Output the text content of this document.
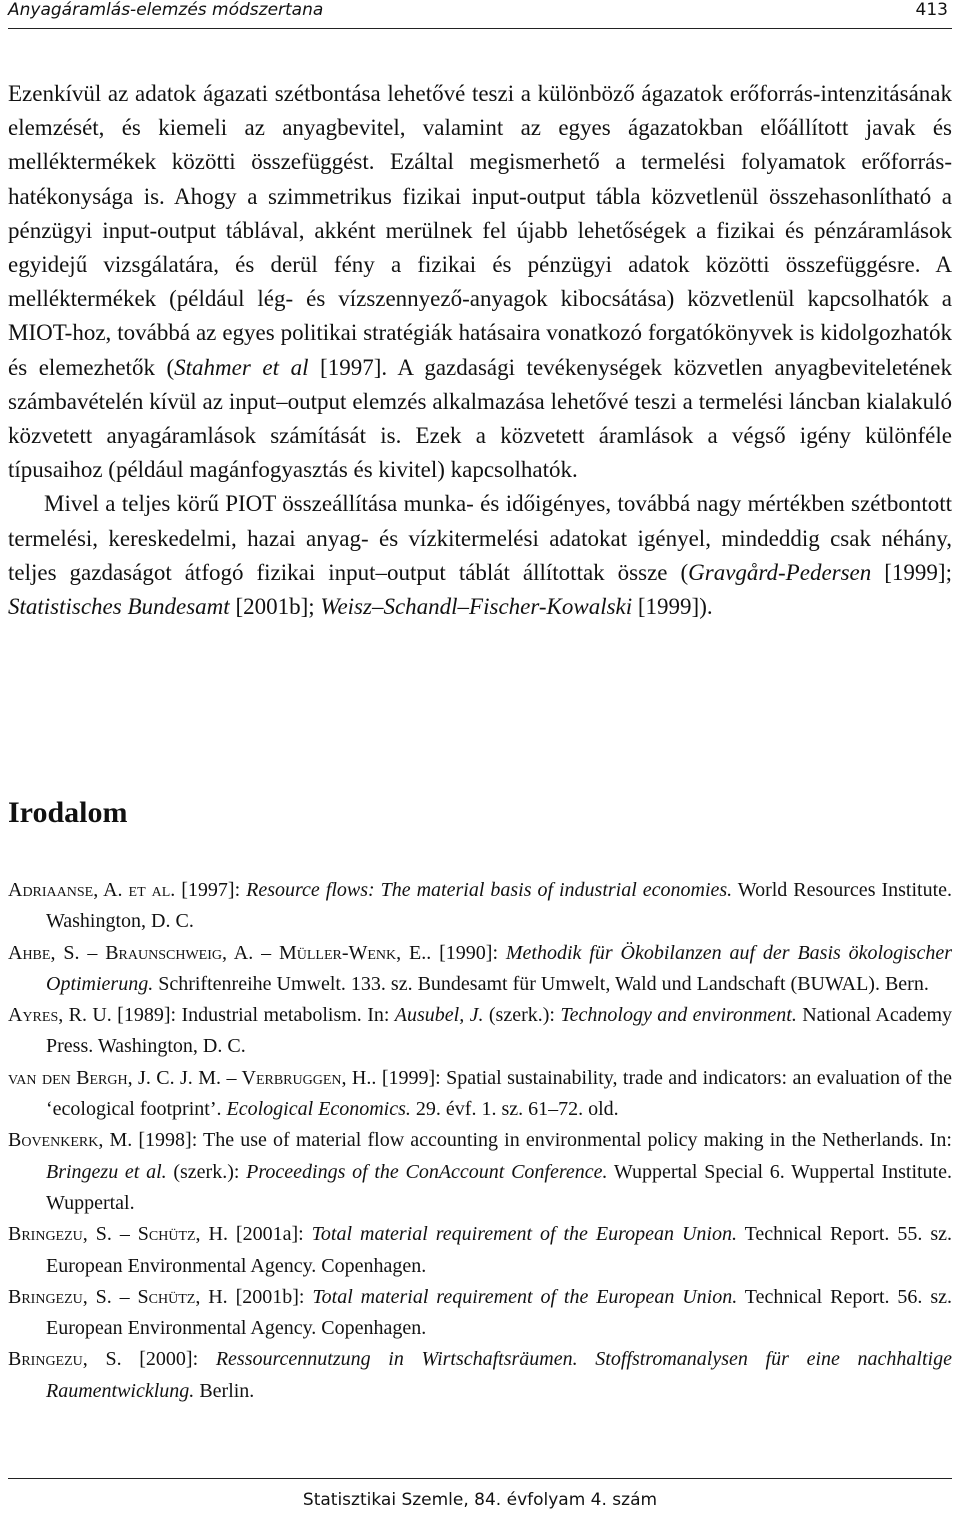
Anyagáramlás-elemzés módszertana	413

Ezenkívül az adatok ágazati szétbontása lehetővé teszi a különböző ágazatok erőforrás-intenzitásának elemzését, és kiemeli az anyagbevitel, valamint az egyes ágazatokban előállított javak és melléktermékek közötti összefüggést. Ezáltal megismerhető a termelési folyamatok erőforrás-hatékonysága is. Ahogy a szimmetrikus fizikai input-output tábla közvetlenül összehasonlítható a pénzügyi input-output táblával, akként merülnek fel újabb lehetőségek a fizikai és pénzáramlások egyidejű vizsgálatára, és derül fény a fizikai és pénzügyi adatok közötti összefüggésre. A melléktermékek (például lég- és vízszennyező-anyagok kibocsátása) közvetlenül kapcsolhatók a MIOT-hoz, továbbá az egyes politikai stratégiák hatásaira vonatkozó forgatókönyvek is kidolgozhatók és elemezhetők (Stahmer et al [1997]. A gazdasági tevékenységek közvetlen anyagbeviteletének számbavételén kívül az input–output elemzés alkalmazása lehetővé teszi a termelési láncban kialakuló közvetett anyagáramlások számítását is. Ezek a közvetett áramlások a végső igény különféle típusaihoz (például magánfogyasztás és kivitel) kapcsolhatók.

Mivel a teljes körű PIOT összeállítása munka- és időigényes, továbbá nagy mértékben szétbontott termelési, kereskedelmi, hazai anyag- és vízkitermelési adatokat igényel, mindeddig csak néhány, teljes gazdaságot átfogó fizikai input–output táblát állítottak össze (Gravgård-Pedersen [1999]; Statistisches Bundesamt [2001b]; Weisz–Schandl–Fischer-Kowalski [1999]).

Irodalom

Adriaanse, A. et al. [1997]: Resource flows: The material basis of industrial economies. World Resources Institute. Washington, D. C.

Ahbe, S. – Braunschweig, A. – Müller-Wenk, E.. [1990]: Methodik für Ökobilanzen auf der Basis ökologischer Optimierung. Schriftenreihe Umwelt. 133. sz. Bundesamt für Umwelt, Wald und Landschaft (BUWAL). Bern.

Ayres, R. U. [1989]: Industrial metabolism. In: Ausubel, J. (szerk.): Technology and environment. National Academy Press. Washington, D. C.

van den Bergh, J. C. J. M. – Verbruggen, H.. [1999]: Spatial sustainability, trade and indicators: an evaluation of the ‘ecological footprint’. Ecological Economics. 29. évf. 1. sz. 61–72. old.

Bovenkerk, M. [1998]: The use of material flow accounting in environmental policy making in the Netherlands. In: Bringezu et al. (szerk.): Proceedings of the ConAccount Conference. Wuppertal Special 6. Wuppertal Institute. Wuppertal.

Bringezu, S. – Schütz, H. [2001a]: Total material requirement of the European Union. Technical Report. 55. sz. European Environmental Agency. Copenhagen.

Bringezu, S. – Schütz, H. [2001b]: Total material requirement of the European Union. Technical Report. 56. sz. European Environmental Agency. Copenhagen.

Bringezu, S. [2000]: Ressourcennutzung in Wirtschaftsräumen. Stoffstromanalysen für eine nachhaltige Raumentwicklung. Berlin.

Statisztikai Szemle, 84. évfolyam 4. szám
